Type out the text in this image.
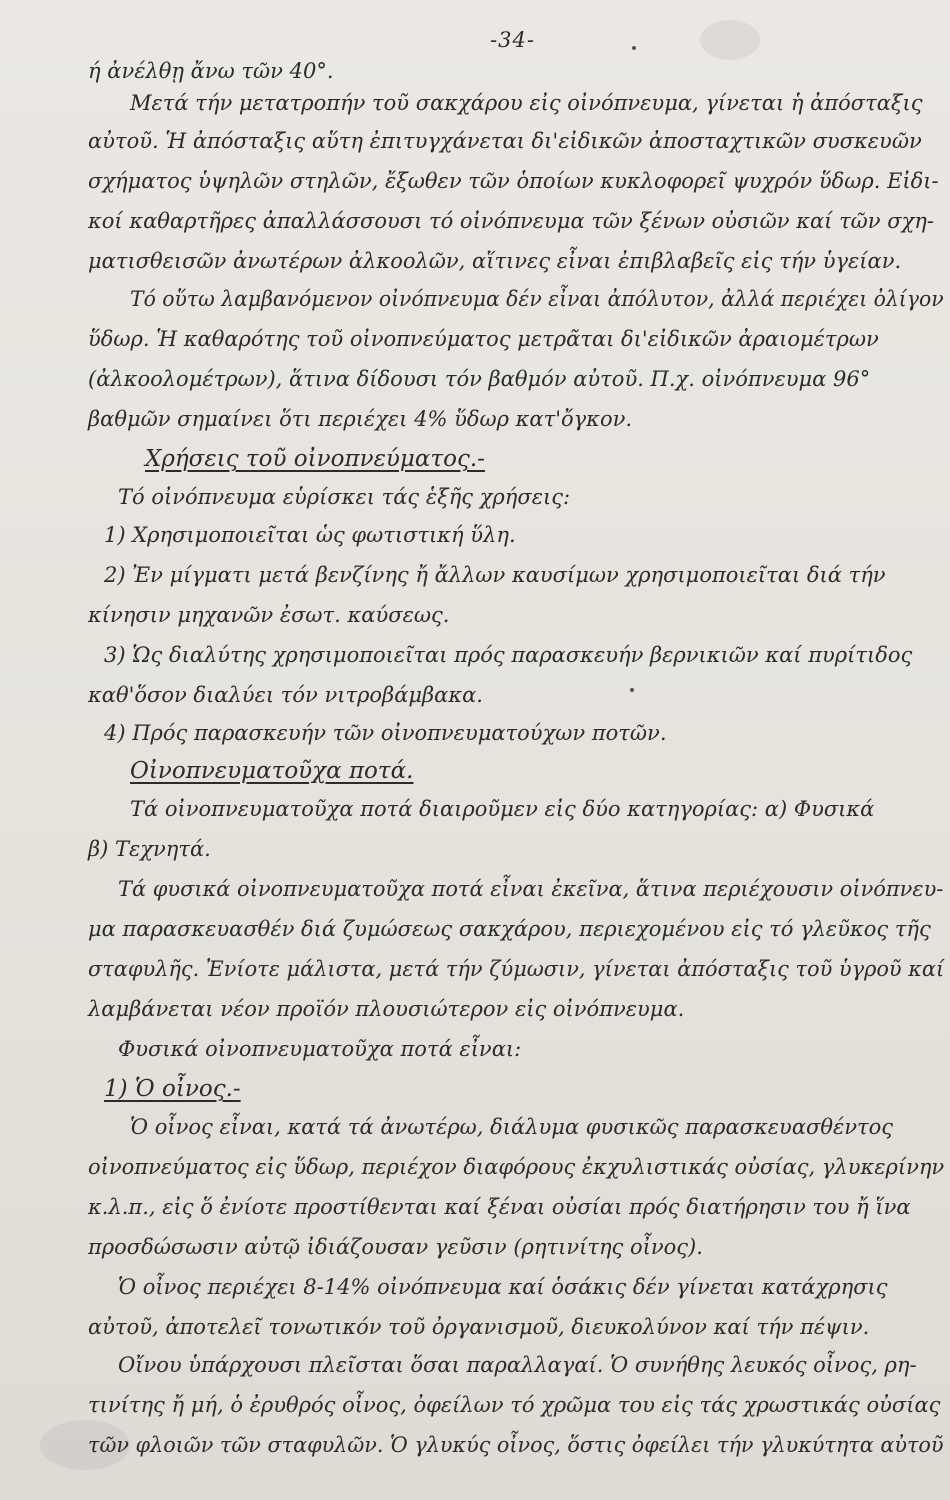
-34-
ή ἀνέλθῃ ἄνω τῶν 40°.
Μετά τήν μετατροπήν τοῦ σακχάρου εἰς οἰνόπνευμα, γίνεται ἡ ἀπόσταξις
αὐτοῦ. Ἡ ἀπόσταξις αὕτη ἐπιτυγχάνεται δι'εἰδικῶν ἀποσταχτικῶν συσκευῶν
σχήματος ὑψηλῶν στηλῶν, ἔξωθεν τῶν ὁποίων κυκλοφορεῖ ψυχρόν ὕδωρ. Εἰδι-
κοί καθαρτῆρες ἀπαλλάσσουσι τό οἰνόπνευμα τῶν ξένων οὐσιῶν καί τῶν σχη-
ματισθεισῶν ἀνωτέρων ἀλκοολῶν, αἵτινες εἶναι ἐπιβλαβεῖς εἰς τήν ὑγείαν.
Τό οὕτω λαμβανόμενον οἰνόπνευμα δέν εἶναι ἀπόλυτον, ἀλλά περιέχει ὀλίγον
ὕδωρ. Ἡ καθαρότης τοῦ οἰνοπνεύματος μετρᾶται δι'εἰδικῶν ἀραιομέτρων
(ἀλκοολομέτρων), ἅτινα δίδουσι τόν βαθμόν αὐτοῦ. Π.χ. οἰνόπνευμα 96°
βαθμῶν σημαίνει ὅτι περιέχει 4% ὕδωρ κατ'ὄγκον.
Χρήσεις τοῦ οἰνοπνεύματος.-
Τό οἰνόπνευμα εὑρίσκει τάς ἑξῆς χρήσεις:
1) Χρησιμοποιεῖται ὡς φωτιστική ὕλη.
2) Ἐν μίγματι μετά βενζίνης ἤ ἄλλων καυσίμων χρησιμοποιεῖται διά τήν
κίνησιν μηχανῶν ἐσωτ. καύσεως.
3) Ὡς διαλύτης χρησιμοποιεῖται πρός παρασκευήν βερνικιῶν καί πυρίτιδος
καθ'ὅσον διαλύει τόν νιτροβάμβακα.
4) Πρός παρασκευήν τῶν οἰνοπνευματούχων ποτῶν.
Οἰνοπνευματοῦχα ποτά.
Τά οἰνοπνευματοῦχα ποτά διαιροῦμεν εἰς δύο κατηγορίας: α) Φυσικά
β) Τεχνητά.
Τά φυσικά οἰνοπνευματοῦχα ποτά εἶναι ἐκεῖνα, ἅτινα περιέχουσιν οἰνόπνευ-
μα παρασκευασθέν διά ζυμώσεως σακχάρου, περιεχομένου εἰς τό γλεῦκος τῆς
σταφυλῆς. Ἐνίοτε μάλιστα, μετά τήν ζύμωσιν, γίνεται ἀπόσταξις τοῦ ὑγροῦ καί
λαμβάνεται νέον προϊόν πλουσιώτερον εἰς οἰνόπνευμα.
Φυσικά οἰνοπνευματοῦχα ποτά εἶναι:
1) Ὁ οἶνος.-
Ὁ οἶνος εἶναι, κατά τά ἀνωτέρω, διάλυμα φυσικῶς παρασκευασθέντος
οἰνοπνεύματος εἰς ὕδωρ, περιέχον διαφόρους ἐκχυλιστικάς οὐσίας, γλυκερίνην
κ.λ.π., εἰς ὅ ἐνίοτε προστίθενται καί ξέναι οὐσίαι πρός διατήρησιν του ἤ ἵνα
προσδώσωσιν αὐτῷ ἰδιάζουσαν γεῦσιν (ρητινίτης οἶνος).
Ὁ οἶνος περιέχει 8-14% οἰνόπνευμα καί ὁσάκις δέν γίνεται κατάχρησις
αὐτοῦ, ἀποτελεῖ τονωτικόν τοῦ ὀργανισμοῦ, διευκολύνον καί τήν πέψιν.
Οἴνου ὑπάρχουσι πλεῖσται ὅσαι παραλλαγαί. Ὁ συνήθης λευκός οἶνος, ρη-
τινίτης ἤ μή, ὁ ἐρυθρός οἶνος, ὀφείλων τό χρῶμα του εἰς τάς χρωστικάς οὐσίας
τῶν φλοιῶν τῶν σταφυλῶν. Ὁ γλυκύς οἶνος, ὅστις ὀφείλει τήν γλυκύτητα αὐτοῦ
